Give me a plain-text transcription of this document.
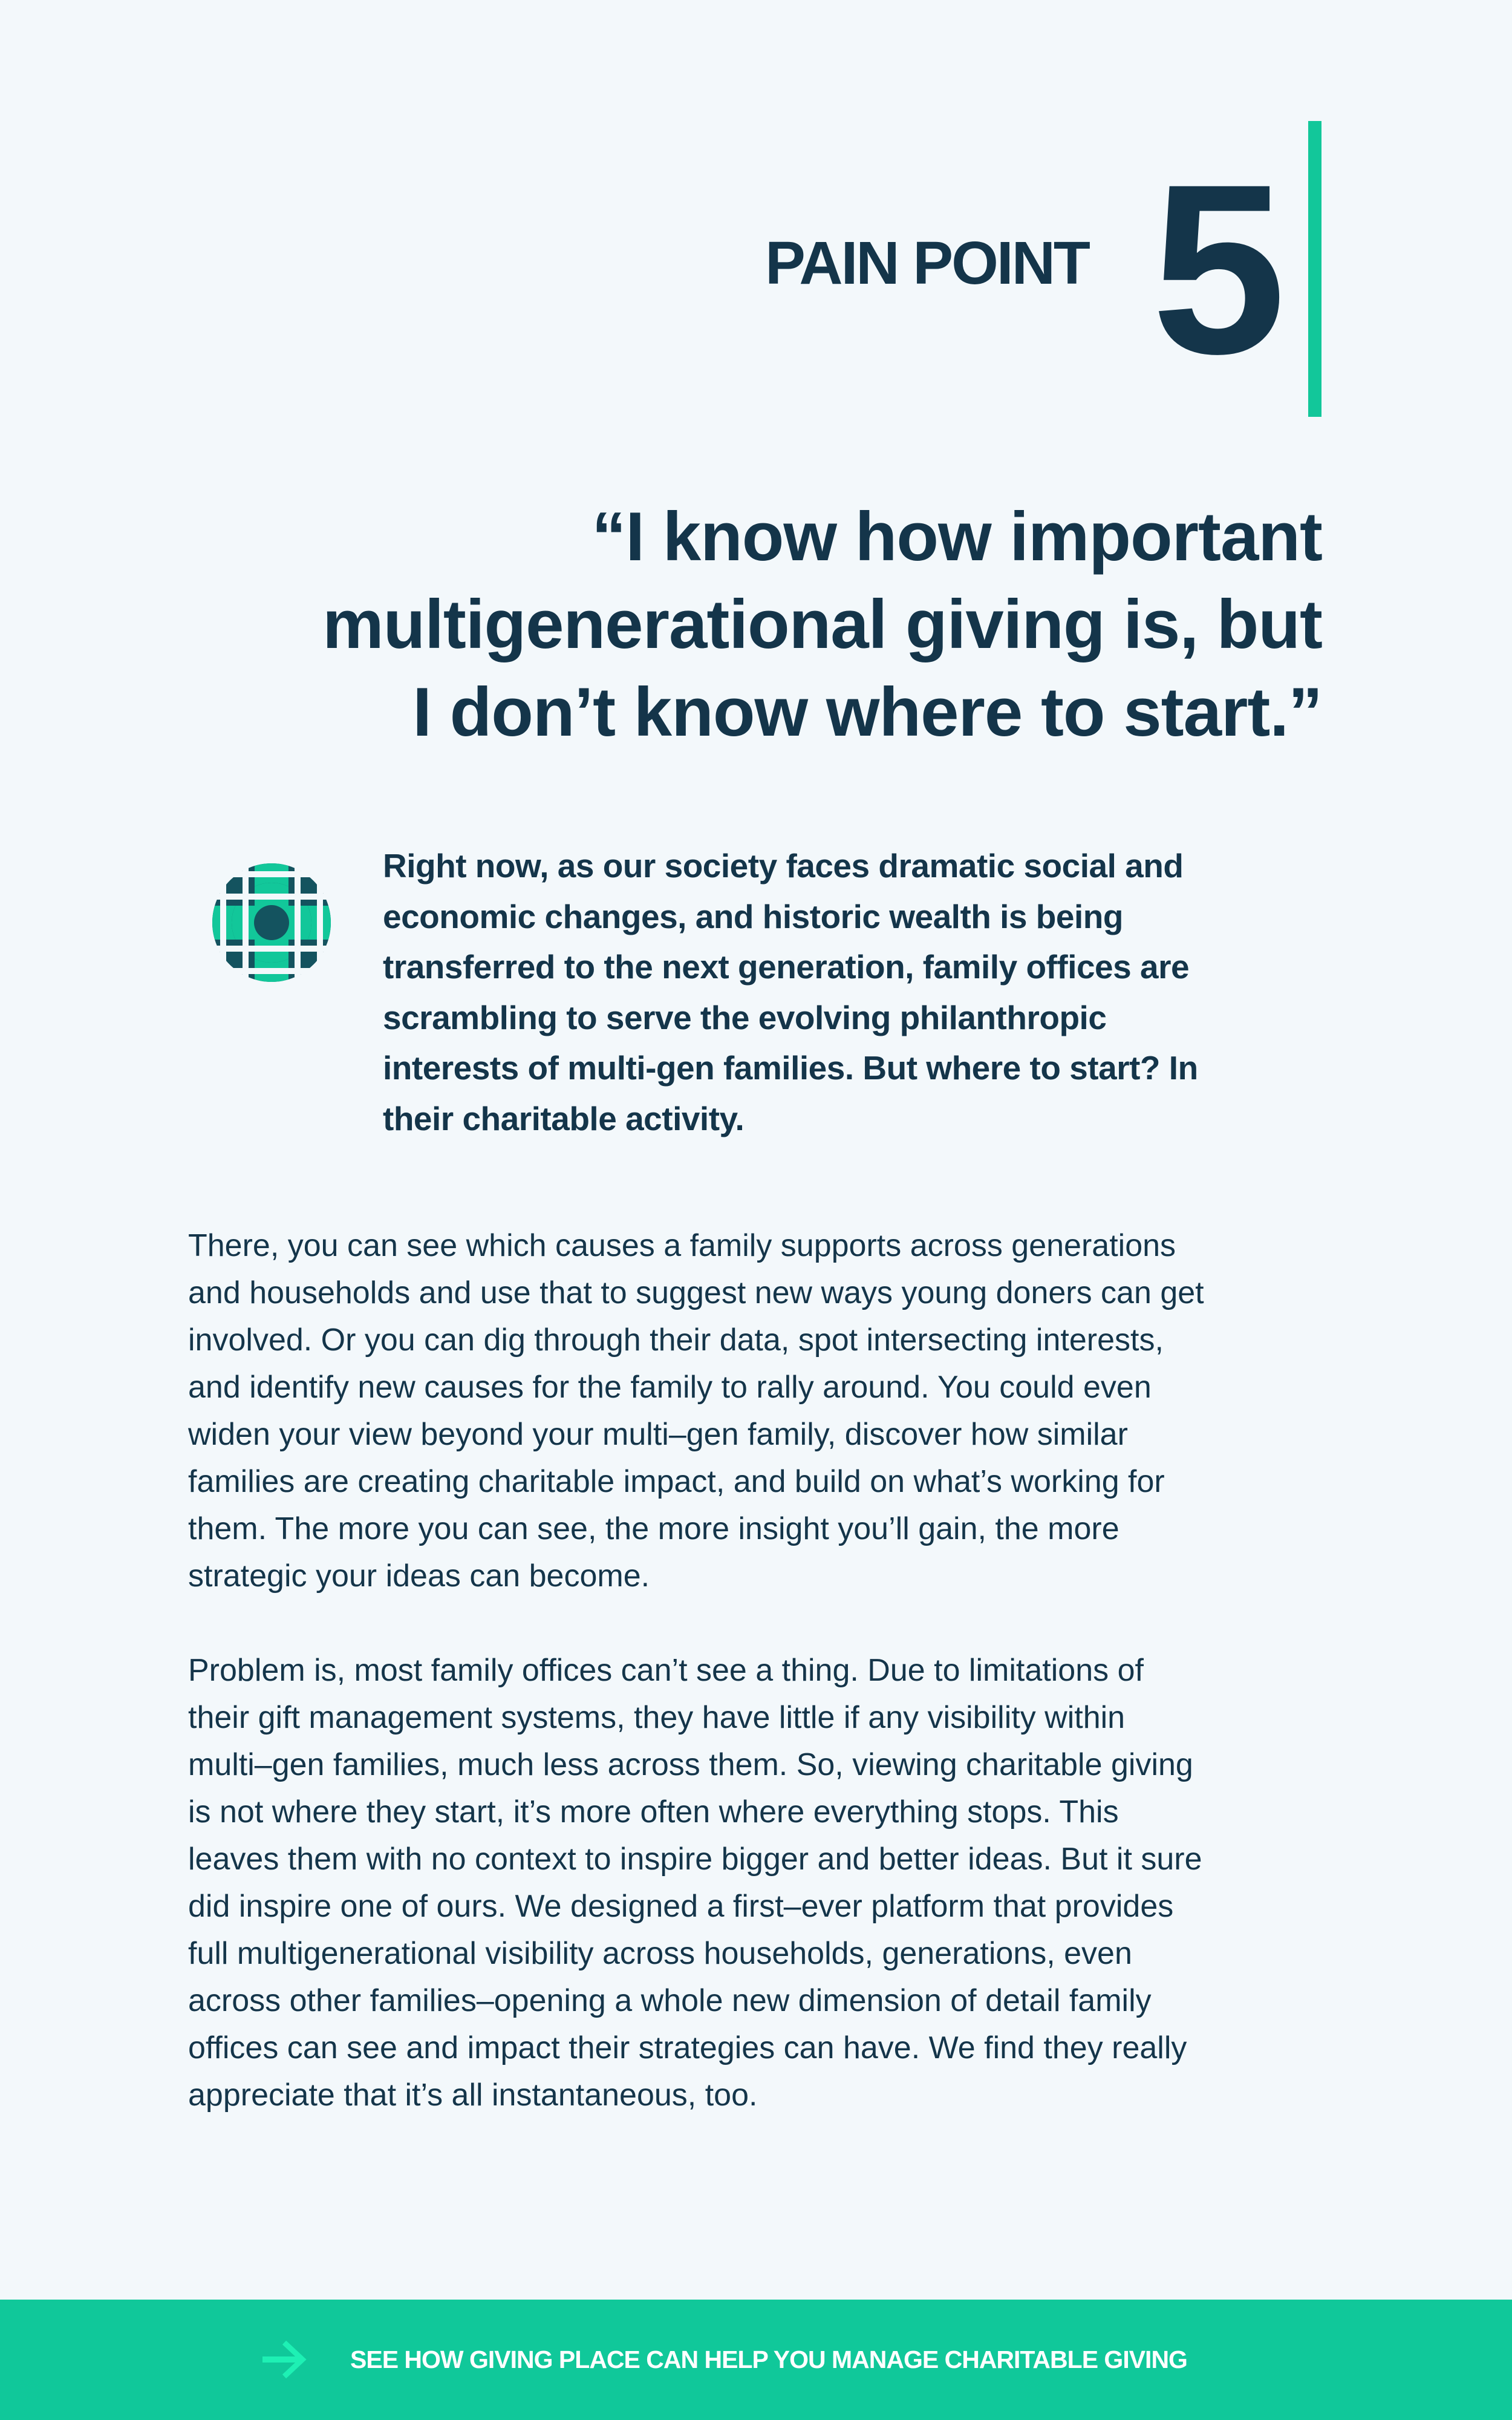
PAIN POINT 5
“I know how important
multigenerational giving is, but
I don’t know where to start.”
Right now, as our society faces dramatic social and
economic changes, and historic wealth is being
transferred to the next generation, family offices are
scrambling to serve the evolving philanthropic
interests of multi-gen families. But where to start? In
their charitable activity.
There, you can see which causes a family supports across generations
and households and use that to suggest new ways young doners can get
involved. Or you can dig through their data, spot intersecting interests,
and identify new causes for the family to rally around. You could even
widen your view beyond your multi–gen family, discover how similar
families are creating charitable impact, and build on what’s working for
them. The more you can see, the more insight you’ll gain, the more
strategic your ideas can become.
Problem is, most family offices can’t see a thing. Due to limitations of
their gift management systems, they have little if any visibility within
multi–gen families, much less across them. So, viewing charitable giving
is not where they start, it’s more often where everything stops. This
leaves them with no context to inspire bigger and better ideas. But it sure
did inspire one of ours. We designed a first–ever platform that provides
full multigenerational visibility across households, generations, even
across other families–opening a whole new dimension of detail family
offices can see and impact their strategies can have. We find they really
appreciate that it’s all instantaneous, too.
SEE HOW GIVING PLACE CAN HELP YOU MANAGE CHARITABLE GIVING
